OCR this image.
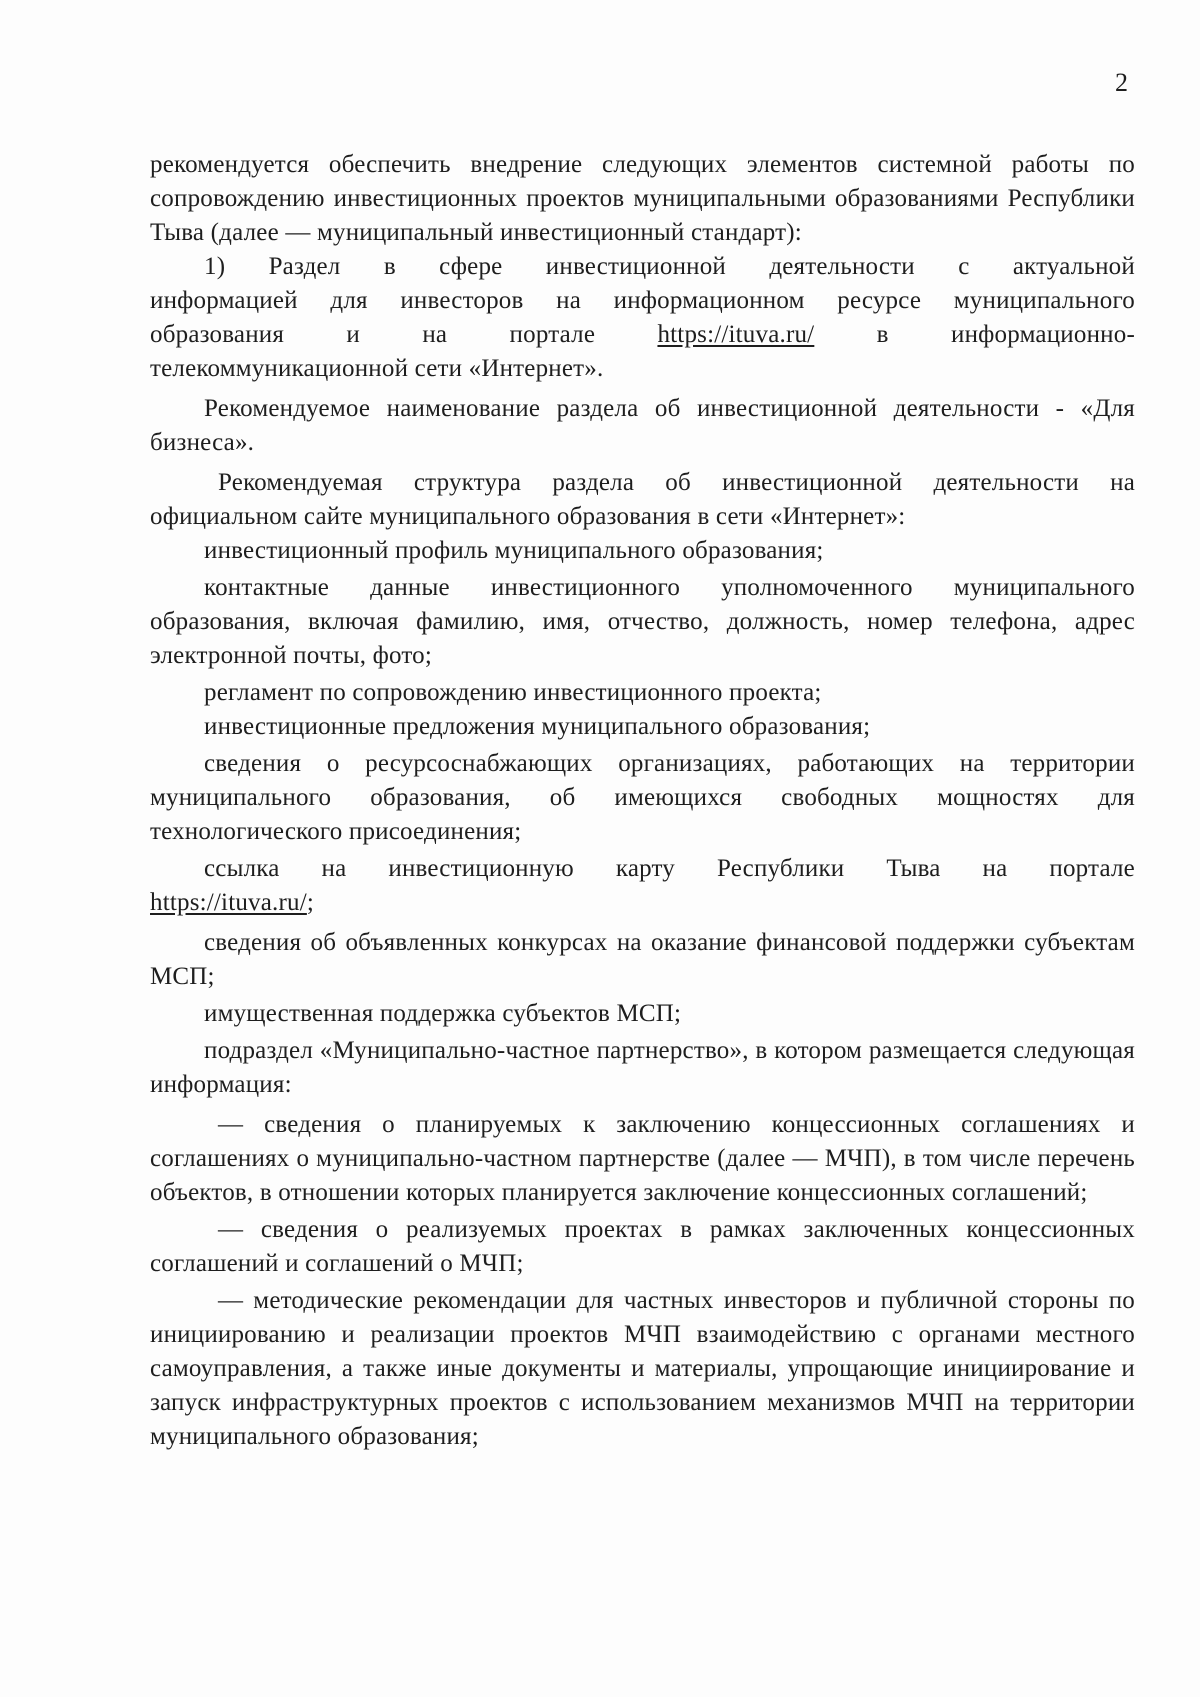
2

рекомендуется обеспечить внедрение следующих элементов системной работы по сопровождению инвестиционных проектов муниципальными образованиями Республики Тыва (далее — муниципальный инвестиционный стандарт):

1) Раздел в сфере инвестиционной деятельности с актуальной

информацией для инвесторов на информационном ресурсе муниципального

образования и на портале https://ituva.ru/ в информационно-

телекоммуникационной сети «Интернет».

Рекомендуемое наименование раздела об инвестиционной деятельности - «Для бизнеса».

Рекомендуемая структура раздела об инвестиционной деятельности на официальном сайте муниципального образования в сети «Интернет»:

инвестиционный профиль муниципального образования;

контактные данные инвестиционного уполномоченного муниципального образования, включая фамилию, имя, отчество, должность, номер телефона, адрес электронной почты, фото;

регламент по сопровождению инвестиционного проекта;

инвестиционные предложения муниципального образования;

сведения о ресурсоснабжающих организациях, работающих на территории муниципального образования, об имеющихся свободных мощностях для технологического присоединения;

ссылка на инвестиционную карту Республики Тыва на портале
https://ituva.ru/;

сведения об объявленных конкурсах на оказание финансовой поддержки субъектам МСП;

имущественная поддержка субъектов МСП;

подраздел «Муниципально-частное партнерство», в котором размещается следующая информация:

— сведения о планируемых к заключению концессионных соглашениях и соглашениях о муниципально-частном партнерстве (далее — МЧП), в том числе перечень объектов, в отношении которых планируется заключение концессионных соглашений;

— сведения о реализуемых проектах в рамках заключенных концессионных соглашений и соглашений о МЧП;

— методические рекомендации для частных инвесторов и публичной стороны по инициированию и реализации проектов МЧП взаимодействию с органами местного самоуправления, а также иные документы и материалы, упрощающие инициирование и запуск инфраструктурных проектов с использованием механизмов МЧП на территории муниципального образования;
